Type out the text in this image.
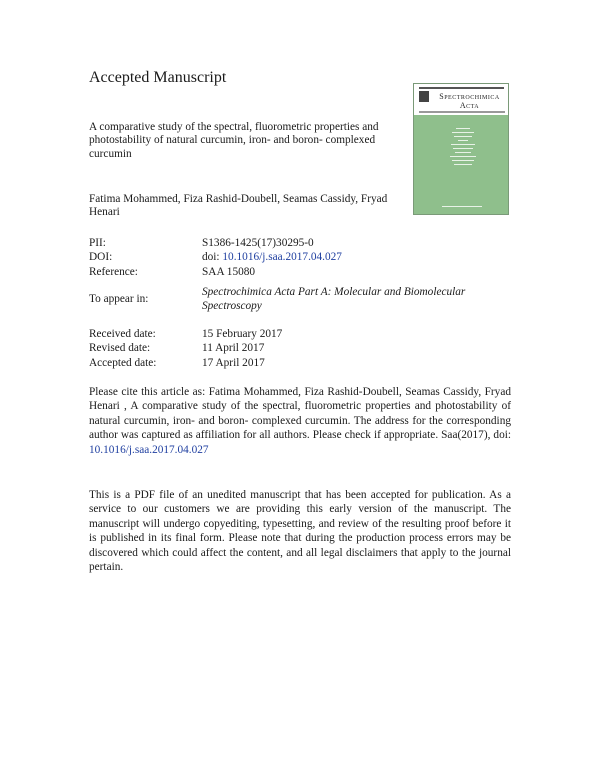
Accepted Manuscript
Spectrochimica
Acta
A comparative study of the spectral, fluorometric properties and photostability of natural curcumin, iron- and boron- complexed curcumin
Fatima Mohammed, Fiza Rashid-Doubell, Seamas Cassidy, Fryad Henari
PII:	S1386-1425(17)30295-0
DOI:	doi: 10.1016/j.saa.2017.04.027
Reference:	SAA 15080
To appear in:
Spectrochimica Acta Part A: Molecular and Biomolecular
Spectroscopy
Received date:	15 February 2017
Revised date:	11 April 2017
Accepted date:	17 April 2017
Please cite this article as: Fatima Mohammed, Fiza Rashid-Doubell, Seamas Cassidy, Fryad Henari , A comparative study of the spectral, fluorometric properties and photostability of natural curcumin, iron- and boron- complexed curcumin. The address for the corresponding author was captured as affiliation for all authors. Please check if appropriate. Saa(2017), doi: 10.1016/j.saa.2017.04.027
This is a PDF file of an unedited manuscript that has been accepted for publication. As a service to our customers we are providing this early version of the manuscript. The manuscript will undergo copyediting, typesetting, and review of the resulting proof before it is published in its final form. Please note that during the production process errors may be discovered which could affect the content, and all legal disclaimers that apply to the journal pertain.
